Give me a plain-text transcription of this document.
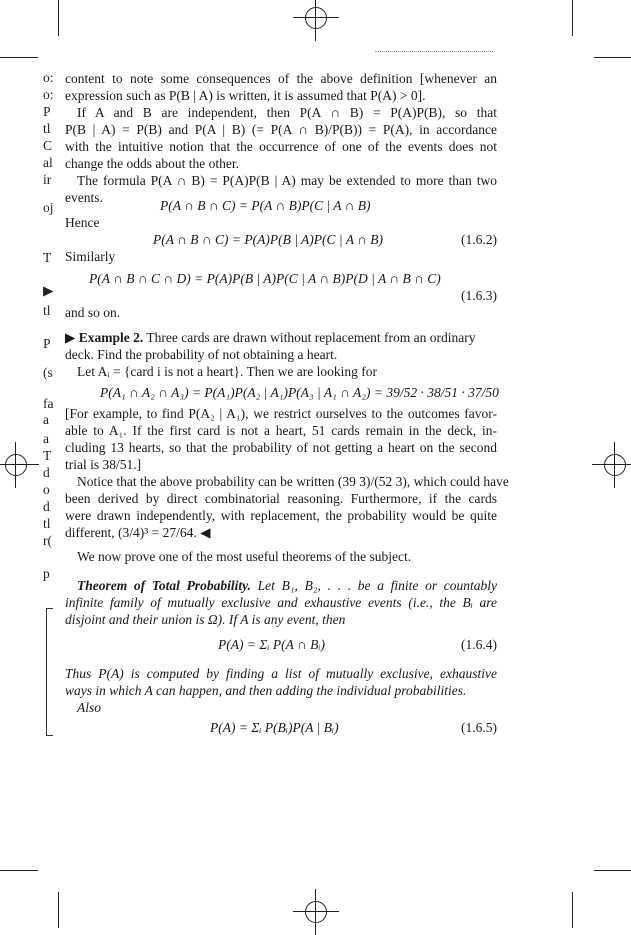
o:
o:
P
tl
C
al
ir
oj
T
▶
tl
P
(s
fa
a
a
T
d
o
d
tl
r(
p
content to note some consequences of the above definition [whenever an
expression such as P(B | A) is written, it is assumed that P(A) > 0].
If A and B are independent, then P(A ∩ B) = P(A)P(B), so that
P(B | A) = P(B) and P(A | B) (= P(A ∩ B)/P(B)) = P(A), in accordance
with the intuitive notion that the occurrence of one of the events does not
change the odds about the other.
The formula P(A ∩ B) = P(A)P(B | A) may be extended to more than two
events.
P(A ∩ B ∩ C) = P(A ∩ B)P(C | A ∩ B)
Hence
P(A ∩ B ∩ C) = P(A)P(B | A)P(C | A ∩ B)	(1.6.2)
Similarly
P(A ∩ B ∩ C ∩ D) = P(A)P(B | A)P(C | A ∩ B)P(D | A ∩ B ∩ C)
(1.6.3)
and so on.
▶ Example 2. Three cards are drawn without replacement from an ordinary
deck. Find the probability of not obtaining a heart.
Let Aᵢ = {card i is not a heart}. Then we are looking for
P(A₁ ∩ A₂ ∩ A₃) = P(A₁)P(A₂ | A₁)P(A₃ | A₁ ∩ A₂) = 39/52 · 38/51 · 37/50
[For example, to find P(A₂ | A₁), we restrict ourselves to the outcomes favor-
able to A₁. If the first card is not a heart, 51 cards remain in the deck, in-
cluding 13 hearts, so that the probability of not getting a heart on the second
trial is 38/51.]
Notice that the above probability can be written (39 3)/(52 3), which could have
been derived by direct combinatorial reasoning. Furthermore, if the cards
were drawn independently, with replacement, the probability would be quite
different, (3/4)³ = 27/64. ◀
We now prove one of the most useful theorems of the subject.
Theorem of Total Probability. Let B₁, B₂, . . . be a finite or countably
infinite family of mutually exclusive and exhaustive events (i.e., the Bᵢ are
disjoint and their union is Ω). If A is any event, then
P(A) = Σᵢ P(A ∩ Bᵢ)	(1.6.4)
Thus P(A) is computed by finding a list of mutually exclusive, exhaustive
ways in which A can happen, and then adding the individual probabilities.
Also
P(A) = Σᵢ P(Bᵢ)P(A | Bᵢ)	(1.6.5)
